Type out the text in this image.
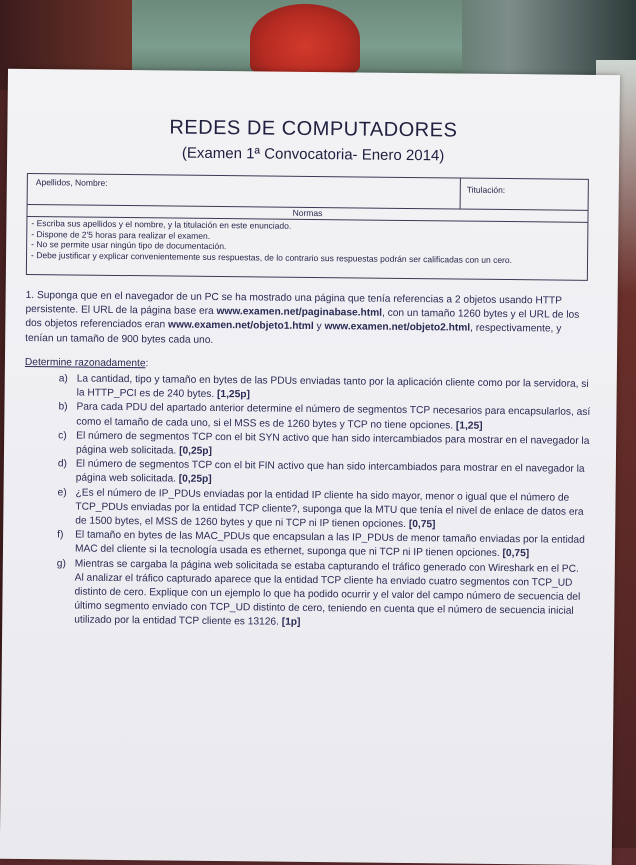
REDES DE COMPUTADORES
(Examen 1ª Convocatoria- Enero 2014)
Apellidos, Nombre:
Titulación:
Normas
- Escriba sus apellidos y el nombre, y la titulación en este enunciado.
- Dispone de 2'5 horas para realizar el examen.
- No se permite usar ningún tipo de documentación.
- Debe justificar y explicar convenientemente sus respuestas, de lo contrario sus respuestas podrán ser calificadas con un cero.

1. Suponga que en el navegador de un PC se ha mostrado una página que tenía referencias a 2 objetos usando HTTP persistente. El URL de la página base era www.examen.net/paginabase.html, con un tamaño 1260 bytes y el URL de los dos objetos referenciados eran www.examen.net/objeto1.html y www.examen.net/objeto2.html, respectivamente, y tenían un tamaño de 900 bytes cada uno.

Determine razonadamente:
a) La cantidad, tipo y tamaño en bytes de las PDUs enviadas tanto por la aplicación cliente como por la servidora, si la HTTP_PCI es de 240 bytes. [1,25p]
b) Para cada PDU del apartado anterior determine el número de segmentos TCP necesarios para encapsularlos, así como el tamaño de cada uno, si el MSS es de 1260 bytes y TCP no tiene opciones. [1,25]
c) El número de segmentos TCP con el bit SYN activo que han sido intercambiados para mostrar en el navegador la página web solicitada. [0,25p]
d) El número de segmentos TCP con el bit FIN activo que han sido intercambiados para mostrar en el navegador la página web solicitada. [0,25p]
e) ¿Es el número de IP_PDUs enviadas por la entidad IP cliente ha sido mayor, menor o igual que el número de TCP_PDUs enviadas por la entidad TCP cliente?, suponga que la MTU que tenía el nivel de enlace de datos era de 1500 bytes, el MSS de 1260 bytes y que ni TCP ni IP tienen opciones. [0,75]
f) El tamaño en bytes de las MAC_PDUs que encapsulan a las IP_PDUs de menor tamaño enviadas por la entidad MAC del cliente si la tecnología usada es ethernet, suponga que ni TCP ni IP tienen opciones. [0,75]
g) Mientras se cargaba la página web solicitada se estaba capturando el tráfico generado con Wireshark en el PC. Al analizar el tráfico capturado aparece que la entidad TCP cliente ha enviado cuatro segmentos con TCP_UD distinto de cero. Explique con un ejemplo lo que ha podido ocurrir y el valor del campo número de secuencia del último segmento enviado con TCP_UD distinto de cero, teniendo en cuenta que el número de secuencia inicial utilizado por la entidad TCP cliente es 13126. [1p]
